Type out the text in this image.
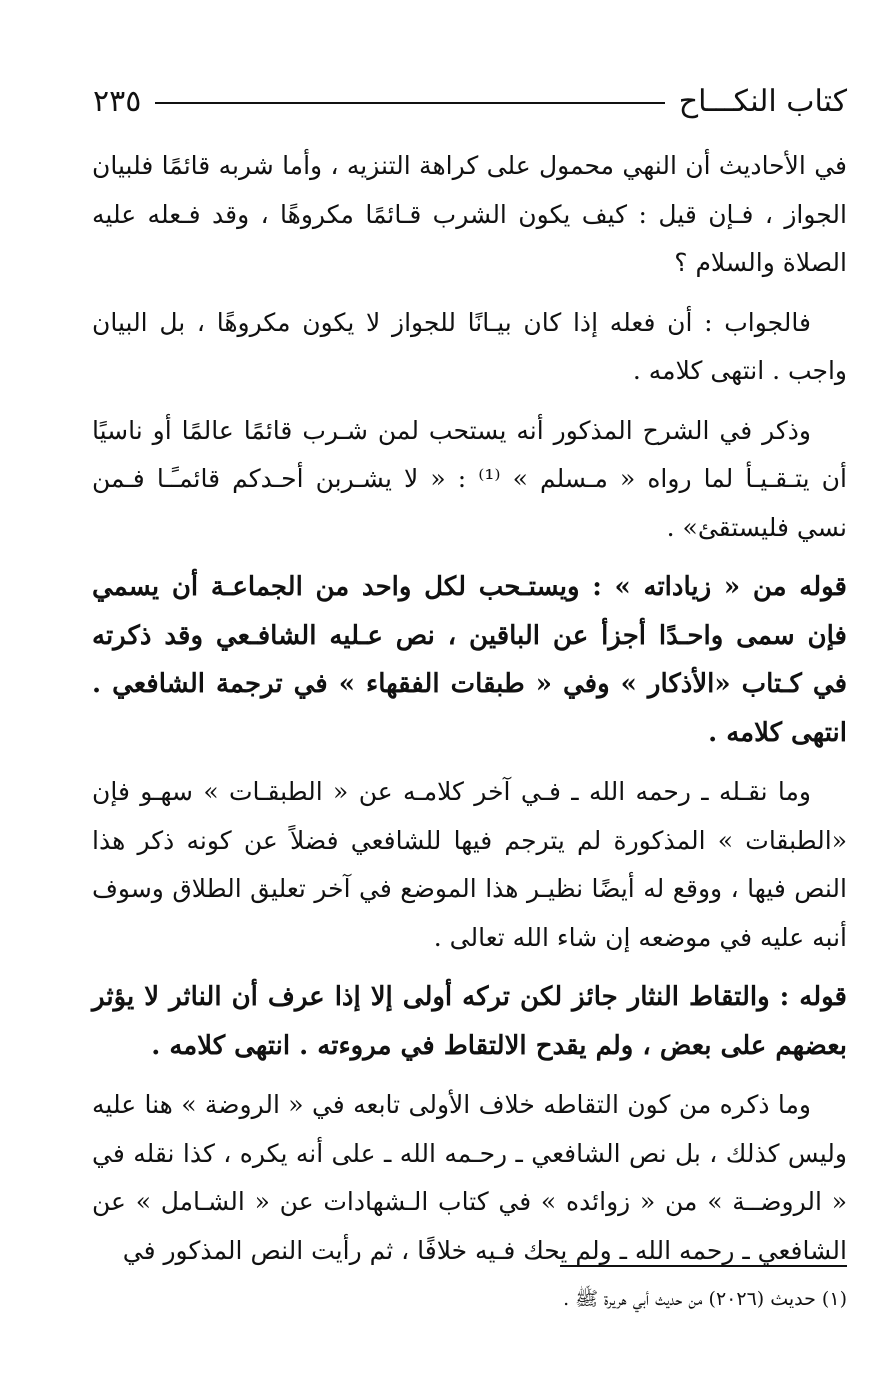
كتاب النكـــاح
٢٣٥

في الأحاديث أن النهي محمول على كراهة التنزيه ، وأما شربه قائمًا فلبيان الجواز ، فـإن قيل : كيف يكون الشرب قـائمًا مكروهًا ، وقد فـعله عليه الصلاة والسلام ؟

فالجواب : أن فعله إذا كان بيـانًا للجواز لا يكون مكروهًا ، بل البيان واجب . انتهى كلامه .

وذكر في الشرح المذكور أنه يستحب لمن شـرب قائمًا عالمًا أو ناسيًا أن يتـقـيـأ لما رواه « مـسلم » ⁽¹⁾ : « لا يشـربن أحـدكم قائمـًـا فـمن نسي فليستقئ» .

قوله من « زياداته » : ويستـحب لكل واحد من الجماعـة أن يسمي فإن سمى واحـدًا أجزأ عن الباقين ، نص عـليه الشافـعي وقد ذكرته في كـتاب «الأذكار » وفي « طبقات الفقهاء » في ترجمة الشافعي . انتهى كلامه .

وما نقـله ـ رحمه الله ـ فـي آخر كلامـه عن « الطبقـات » سهـو فإن «الطبقات » المذكورة لم يترجم فيها للشافعي فضلاً عن كونه ذكر هذا النص فيها ، ووقع له أيضًا نظيـر هذا الموضع في آخر تعليق الطلاق وسوف أنبه عليه في موضعه إن شاء الله تعالى .

قوله : والتقاط النثار جائز لكن تركه أولى إلا إذا عرف أن الناثر لا يؤثر بعضهم على بعض ، ولم يقدح الالتقاط في مروءته . انتهى كلامه .

وما ذكره من كون التقاطه خلاف الأولى تابعه في « الروضة » هنا عليه وليس كذلك ، بل نص الشافعي ـ رحـمه الله ـ على أنه يكره ، كذا نقله في « الروضــة » من « زوائده » في كتاب الـشهادات عن « الشـامل » عن الشافعي ـ رحمه الله ـ ولم يحك فـيه خلافًا ، ثم رأيت النص المذكور في

(١) حديث (٢٠٢٦) من حديث أبي هريرة ﷺ .
